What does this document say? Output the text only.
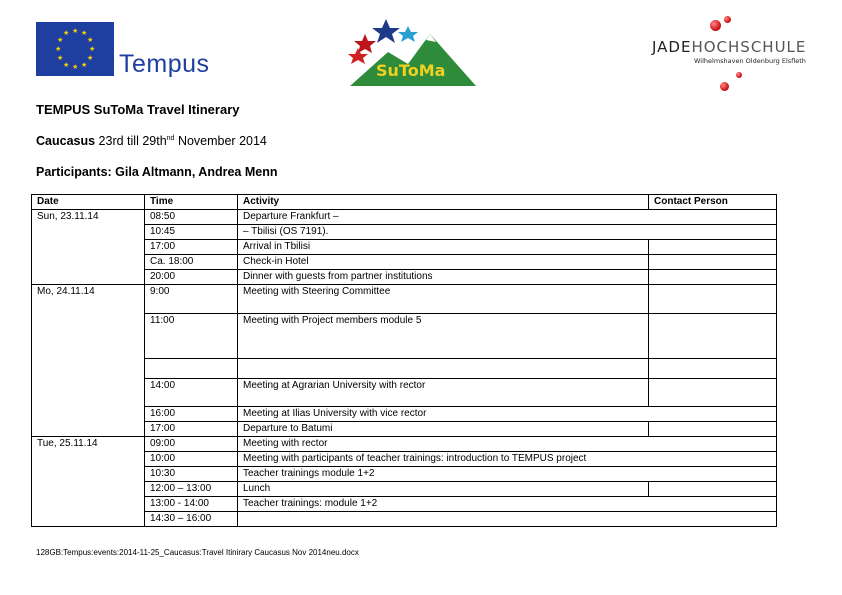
★ ★
★
★
★
★
★
★
★
★
★
★
Tempus	SuToMa
JADEHOCHSCHULE
Wilhelmshaven Oldenburg Elsfleth
TEMPUS SuToMa Travel Itinerary
Caucasus 23rd till $29th^{nd}$ November 2014
Participants: Gila Altmann, Andrea Menn
Date	Time	Activity	Contact Person
Sun, 23.11.14	08:50	Departure Frankfurt –	
	10:45	– Tbilisi (OS 7191).	
	17:00	Arrival in Tbilisi	
	Ca. 18:00	Check-in Hotel	
	20:00	Dinner with guests from partner institutions	
Mo, 24.11.14	9:00	Meeting with Steering Committee	
	11:00	Meeting with Project members module 5	

	14:00	Meeting at Agrarian University with rector	
	16:00	Meeting at Ilias University with vice rector	
	17:00	Departure to Batumi	
Tue, 25.11.14	09:00	Meeting with rector	
	10:00	Meeting with participants of teacher trainings: introduction to TEMPUS project	
	10:30	Teacher trainings module 1+2	
	12:00 – 13:00	Lunch	
	13:00 - 14:00	Teacher trainings: module 1+2	
	14:30 – 16:00		
128GB:Tempus:events:2014-11-25_Caucasus:Travel Itinirary Caucasus Nov 2014neu.docx
